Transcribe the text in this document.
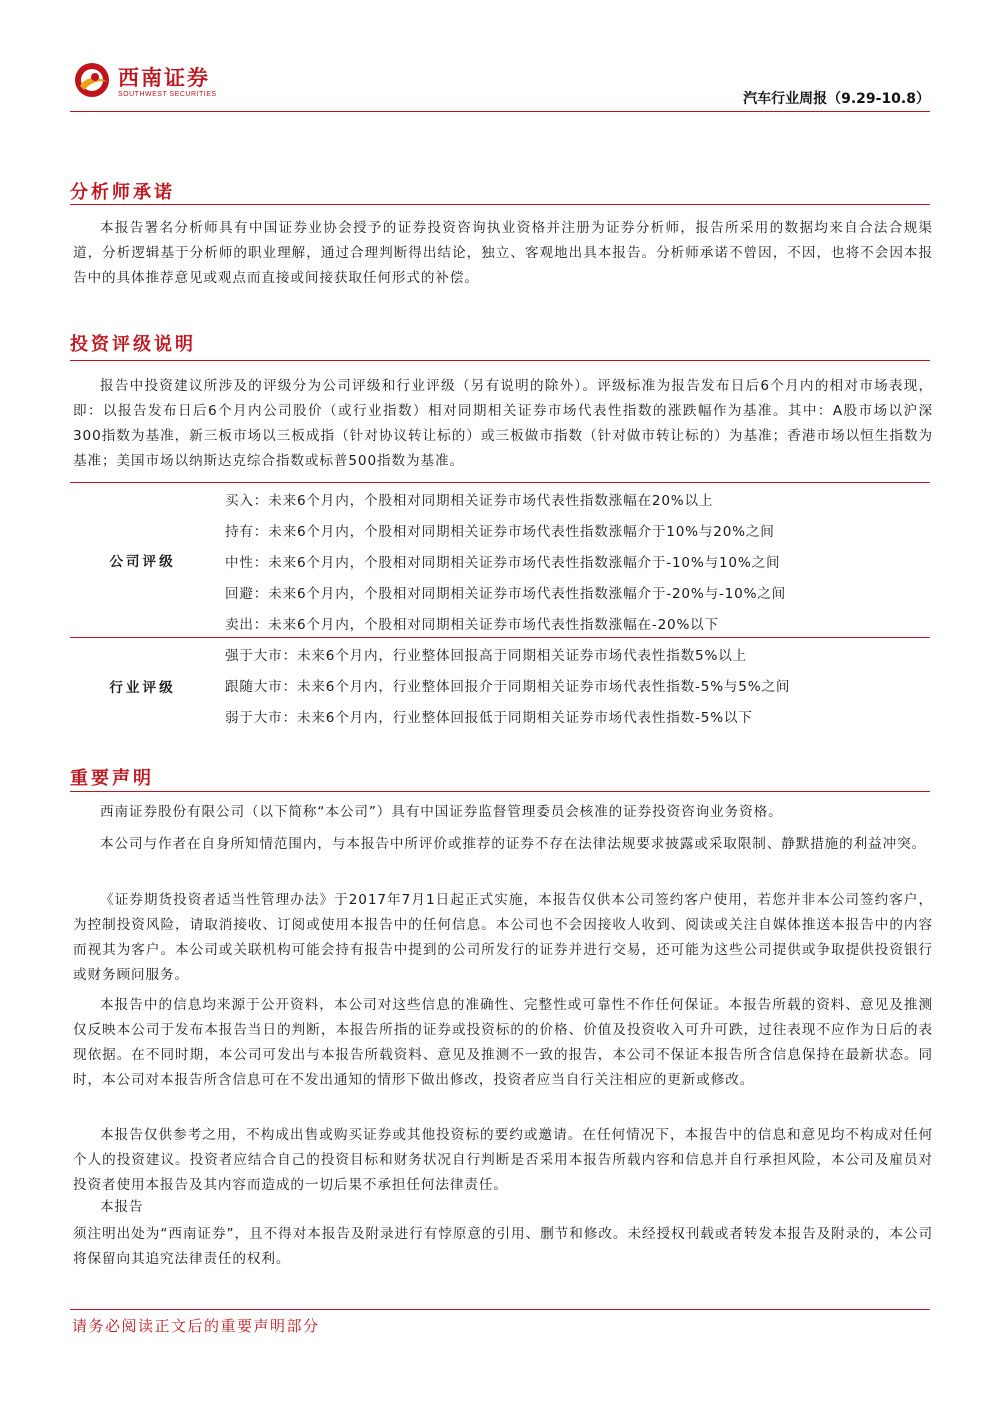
西南证券
SOUTHWEST SECURITIES	汽车行业周报（9.29-10.8）
分析师承诺

本报告署名分析师具有中国证券业协会授予的证券投资咨询执业资格并注册为证券分析师，报告所采用的数据均来自合法合规渠道，分析逻辑基于分析师的职业理解，通过合理判断得出结论，独立、客观地出具本报告。分析师承诺不曾因，不因，也将不会因本报告中的具体推荐意见或观点而直接或间接获取任何形式的补偿。

投资评级说明

报告中投资建议所涉及的评级分为公司评级和行业评级（另有说明的除外）。评级标准为报告发布日后6个月内的相对市场表现，即：以报告发布日后6个月内公司股价（或行业指数）相对同期相关证券市场代表性指数的涨跌幅作为基准。其中：A股市场以沪深300指数为基准，新三板市场以三板成指（针对协议转让标的）或三板做市指数（针对做市转让标的）为基准；香港市场以恒生指数为基准；美国市场以纳斯达克综合指数或标普500指数为基准。

公司评级
买入：未来6个月内，个股相对同期相关证券市场代表性指数涨幅在20%以上
持有：未来6个月内，个股相对同期相关证券市场代表性指数涨幅介于10%与20%之间
中性：未来6个月内，个股相对同期相关证券市场代表性指数涨幅介于-10%与10%之间
回避：未来6个月内，个股相对同期相关证券市场代表性指数涨幅介于-20%与-10%之间
卖出：未来6个月内，个股相对同期相关证券市场代表性指数涨幅在-20%以下
行业评级
强于大市：未来6个月内，行业整体回报高于同期相关证券市场代表性指数5%以上
跟随大市：未来6个月内，行业整体回报介于同期相关证券市场代表性指数-5%与5%之间
弱于大市：未来6个月内，行业整体回报低于同期相关证券市场代表性指数-5%以下
重要声明

西南证券股份有限公司（以下简称“本公司”）具有中国证券监督管理委员会核准的证券投资咨询业务资格。

本公司与作者在自身所知情范围内，与本报告中所评价或推荐的证券不存在法律法规要求披露或采取限制、静默措施的利益冲突。

《证券期货投资者适当性管理办法》于2017年7月1日起正式实施，本报告仅供本公司签约客户使用，若您并非本公司签约客户，为控制投资风险，请取消接收、订阅或使用本报告中的任何信息。本公司也不会因接收人收到、阅读或关注自媒体推送本报告中的内容而视其为客户。本公司或关联机构可能会持有报告中提到的公司所发行的证券并进行交易，还可能为这些公司提供或争取提供投资银行或财务顾问服务。

本报告中的信息均来源于公开资料，本公司对这些信息的准确性、完整性或可靠性不作任何保证。本报告所载的资料、意见及推测仅反映本公司于发布本报告当日的判断，本报告所指的证券或投资标的的价格、价值及投资收入可升可跌，过往表现不应作为日后的表现依据。在不同时期，本公司可发出与本报告所载资料、意见及推测不一致的报告，本公司不保证本报告所含信息保持在最新状态。同时，本公司对本报告所含信息可在不发出通知的情形下做出修改，投资者应当自行关注相应的更新或修改。

本报告仅供参考之用，不构成出售或购买证券或其他投资标的要约或邀请。在任何情况下，本报告中的信息和意见均不构成对任何个人的投资建议。投资者应结合自己的投资目标和财务状况自行判断是否采用本报告所载内容和信息并自行承担风险，本公司及雇员对投资者使用本报告及其内容而造成的一切后果不承担任何法律责任。

本报告

须注明出处为“西南证券”，且不得对本报告及附录进行有悖原意的引用、删节和修改。未经授权刊载或者转发本报告及附录的，本公司将保留向其追究法律责任的权利。

请务必阅读正文后的重要声明部分
